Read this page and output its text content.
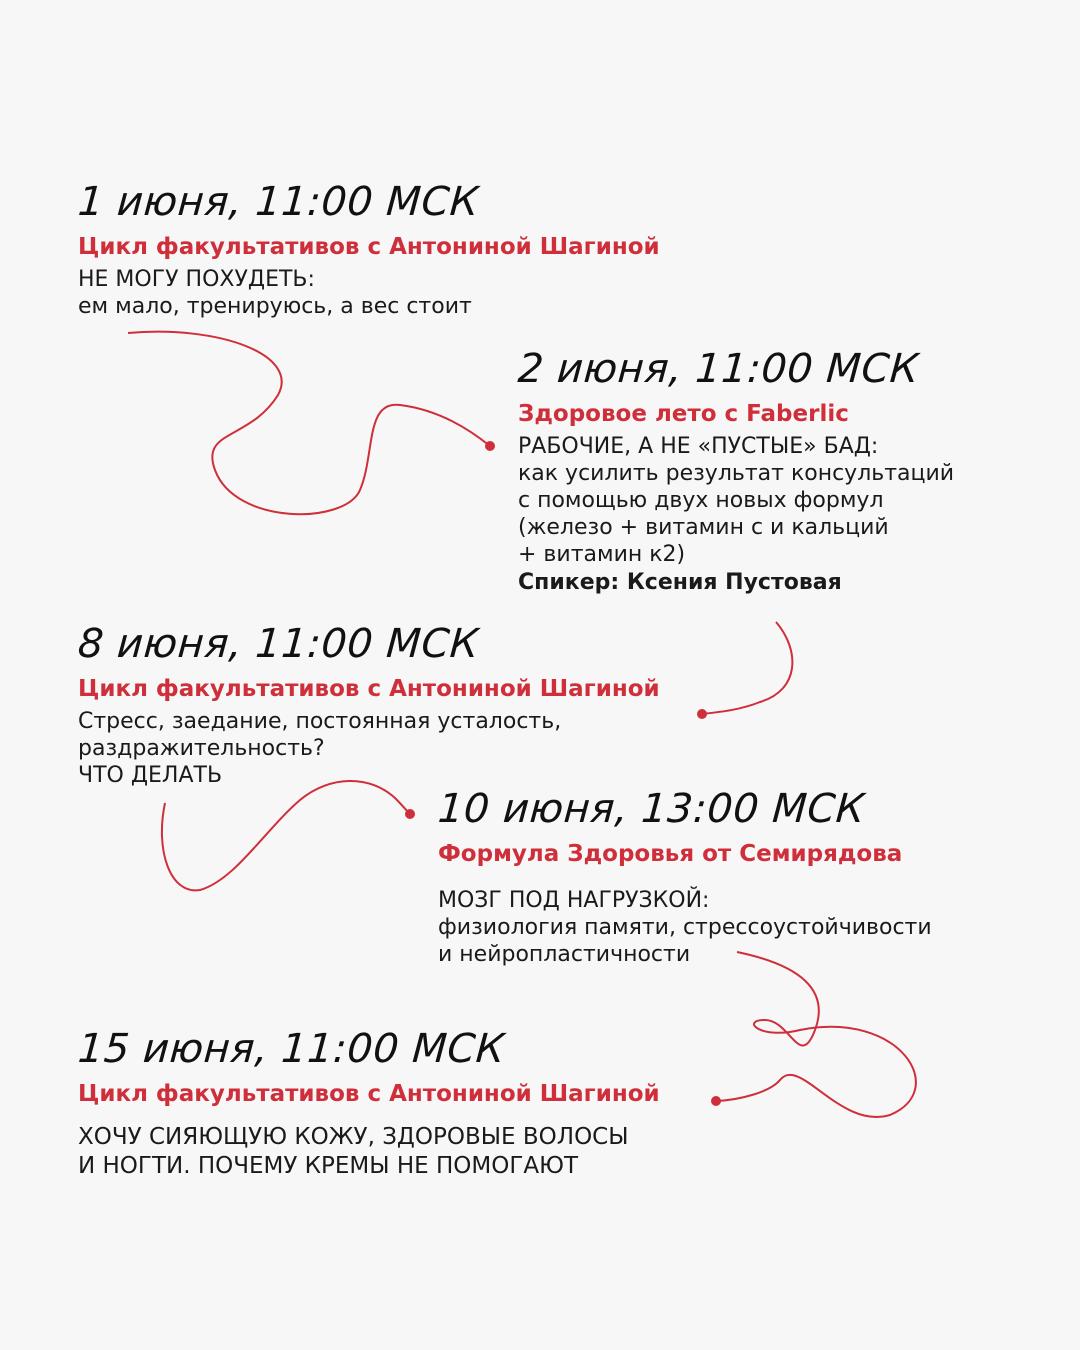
1 июня, 11:00 МСК
Цикл факультативов с Антониной Шагиной
НЕ МОГУ ПОХУДЕТЬ:
ем мало, тренируюсь, а вес стоит
2 июня, 11:00 МСК
Здоровое лето с Faberlic
РАБОЧИЕ, А НЕ «ПУСТЫЕ» БАД:
как усилить результат консультаций
с помощью двух новых формул
(железо + витамин с и кальций
+ витамин к2)
Спикер: Ксения Пустовая
8 июня, 11:00 МСК
Цикл факультативов с Антониной Шагиной
Стресс, заедание, постоянная усталость,
раздражительность?
ЧТО ДЕЛАТЬ
10 июня, 13:00 МСК
Формула Здоровья от Семирядова
МОЗГ ПОД НАГРУЗКОЙ:
физиология памяти, стрессоустойчивости
и нейропластичности
15 июня, 11:00 МСК
Цикл факультативов с Антониной Шагиной
ХОЧУ СИЯЮЩУЮ КОЖУ, ЗДОРОВЫЕ ВОЛОСЫ
И НОГТИ. ПОЧЕМУ КРЕМЫ НЕ ПОМОГАЮТ
